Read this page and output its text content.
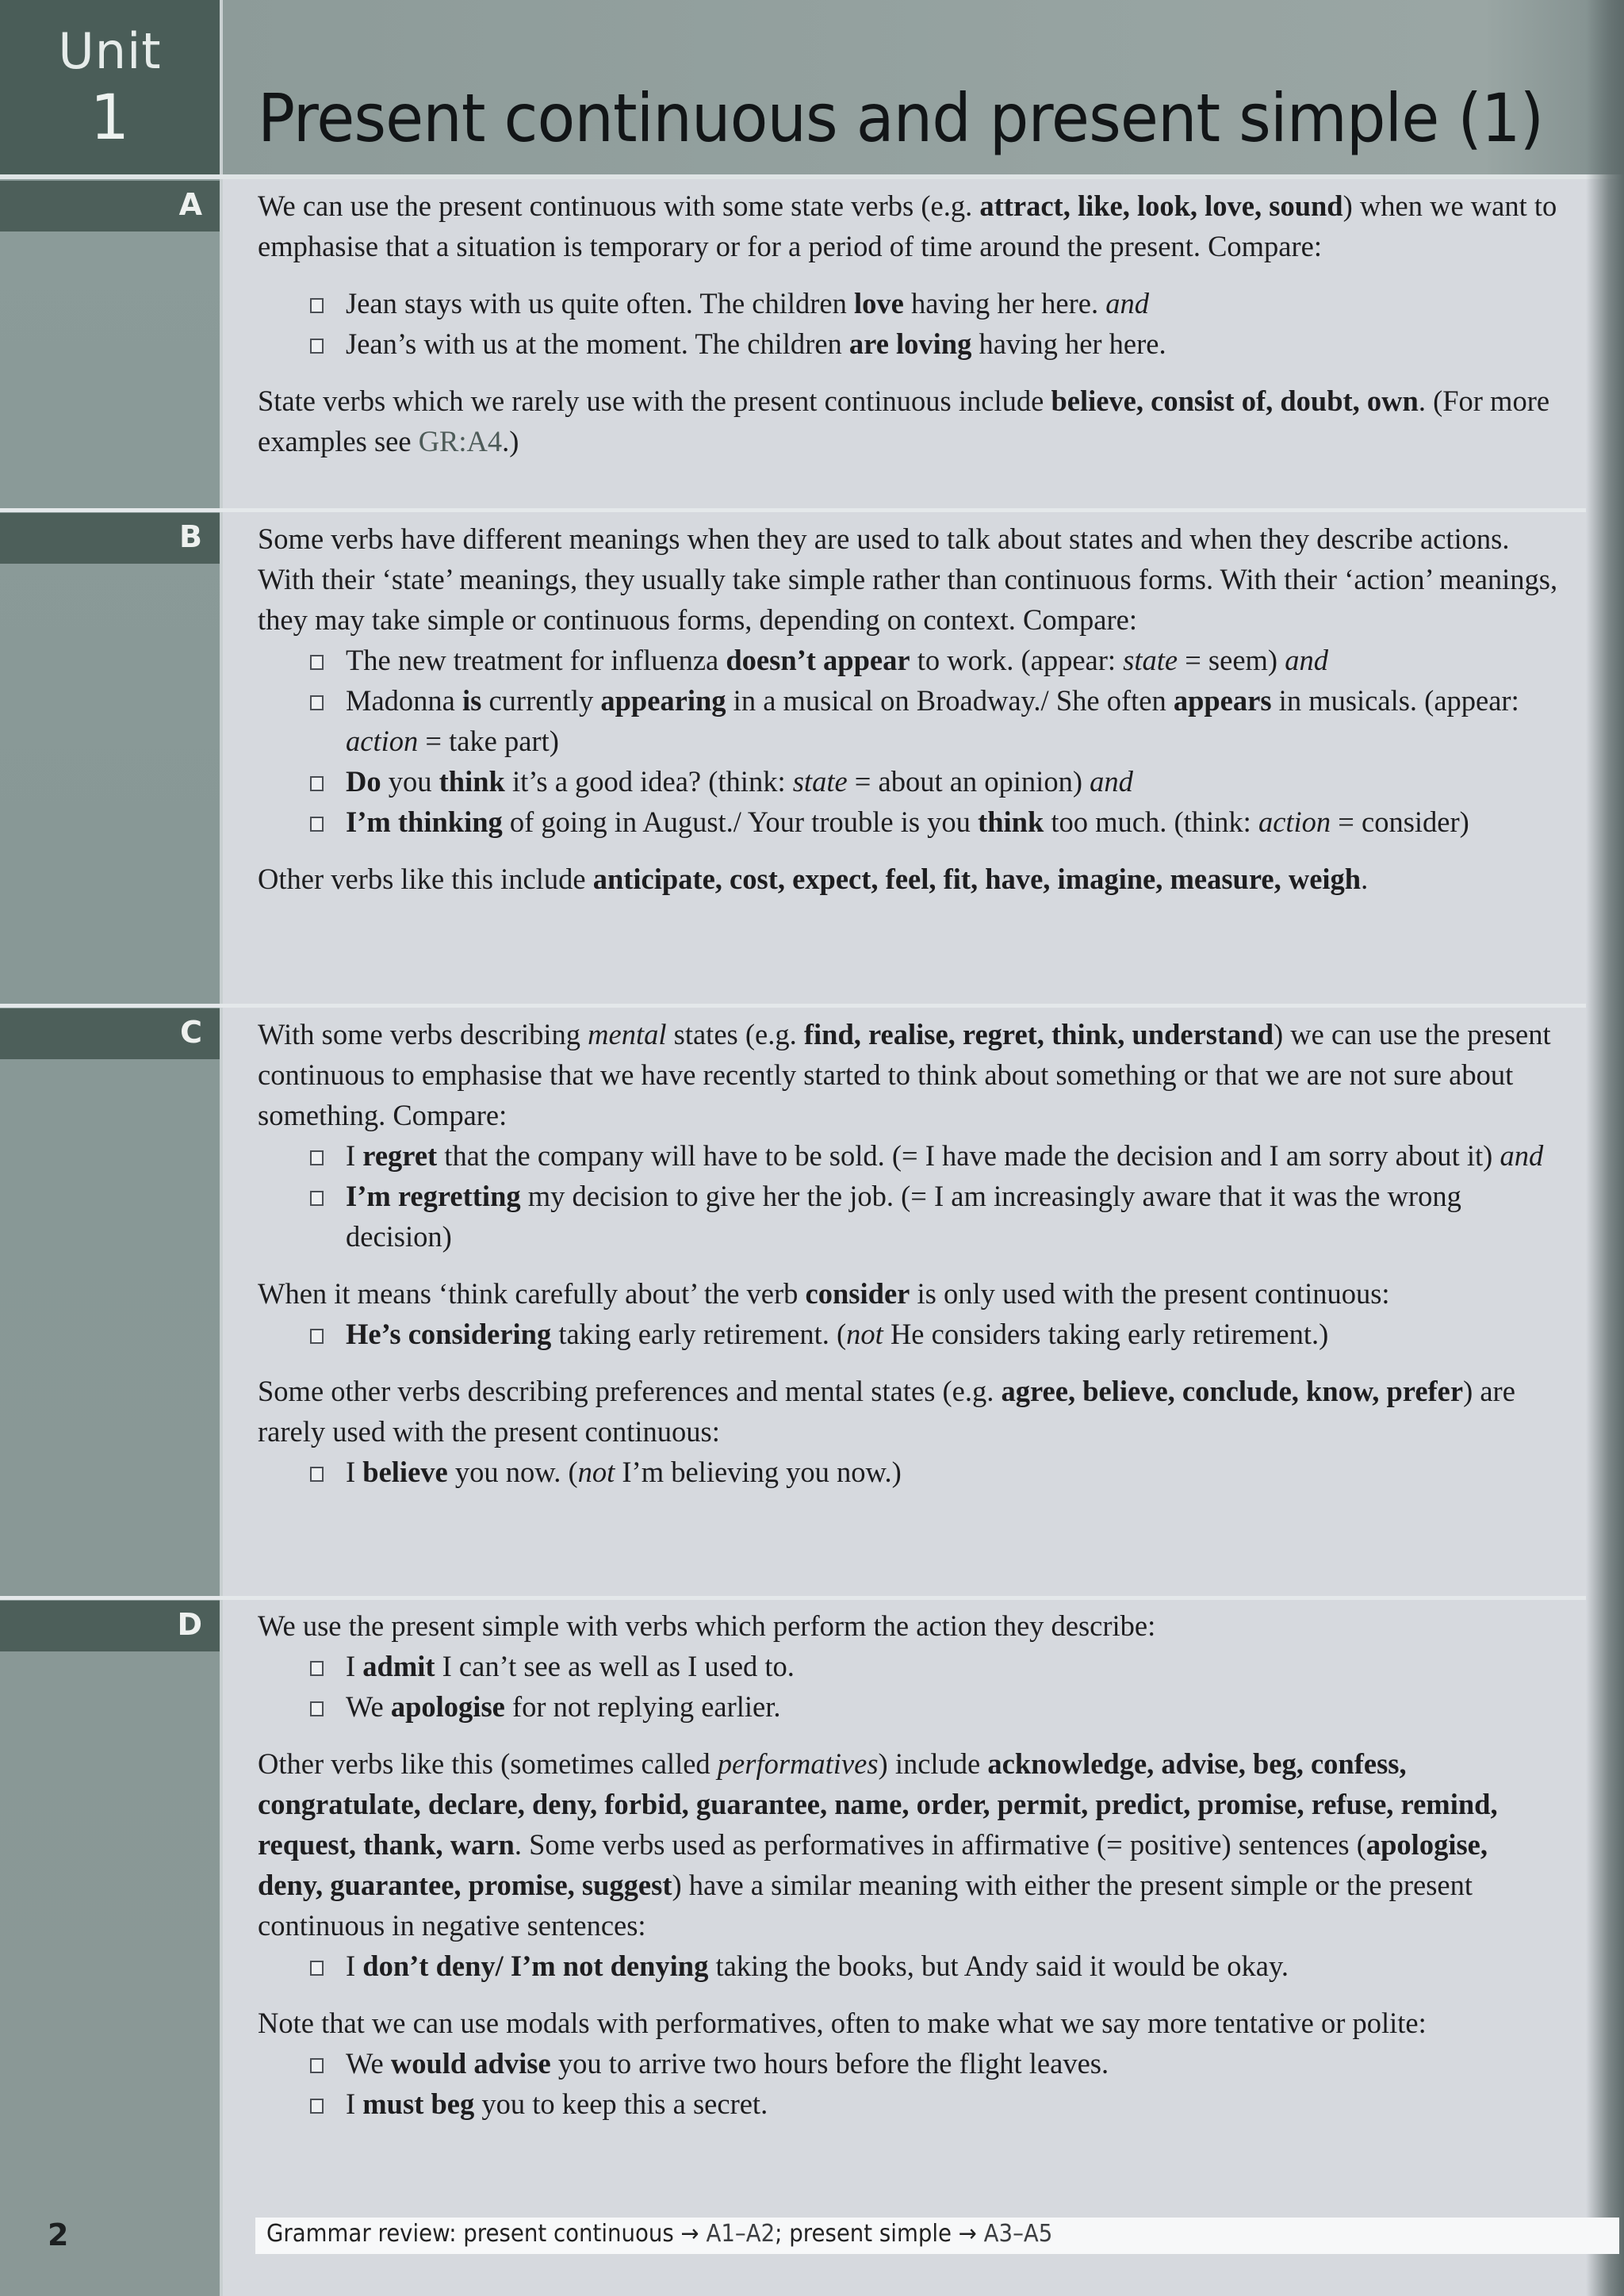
Unit
1	Present continuous and present simple (1)
A
B
C
D

We can use the present continuous with some state verbs (e.g. attract, like, look, love, sound) when we want to emphasise that a situation is temporary or for a period of time around the present. Compare:

Jean stays with us quite often. The children love having her here. and

Jean’s with us at the moment. The children are loving having her here.

State verbs which we rarely use with the present continuous include believe, consist of, doubt, own. (For more examples see GR:A4.)

Some verbs have different meanings when they are used to talk about states and when they describe actions. With their ‘state’ meanings, they usually take simple rather than continuous forms. With their ‘action’ meanings, they may take simple or continuous forms, depending on context. Compare:

The new treatment for influenza doesn’t appear to work. (appear: state = seem) and

Madonna is currently appearing in a musical on Broadway./ She often appears in musicals. (appear: action = take part)

Do you think it’s a good idea? (think: state = about an opinion) and

I’m thinking of going in August./ Your trouble is you think too much. (think: action = consider)

Other verbs like this include anticipate, cost, expect, feel, fit, have, imagine, measure, weigh.

With some verbs describing mental states (e.g. find, realise, regret, think, understand) we can use the present continuous to emphasise that we have recently started to think about something or that we are not sure about something. Compare:

I regret that the company will have to be sold. (= I have made the decision and I am sorry about it) and

I’m regretting my decision to give her the job. (= I am increasingly aware that it was the wrong decision)

When it means ‘think carefully about’ the verb consider is only used with the present continuous:

He’s considering taking early retirement. (not He considers taking early retirement.)

Some other verbs describing preferences and mental states (e.g. agree, believe, conclude, know, prefer) are rarely used with the present continuous:

I believe you now. (not I’m believing you now.)

We use the present simple with verbs which perform the action they describe:

I admit I can’t see as well as I used to.

We apologise for not replying earlier.

Other verbs like this (sometimes called performatives) include acknowledge, advise, beg, confess, congratulate, declare, deny, forbid, guarantee, name, order, permit, predict, promise, refuse, remind, request, thank, warn. Some verbs used as performatives in affirmative (= positive) sentences (apologise, deny, guarantee, promise, suggest) have a similar meaning with either the present simple or the present continuous in negative sentences:

I don’t deny/ I’m not denying taking the books, but Andy said it would be okay.

Note that we can use modals with performatives, often to make what we say more tentative or polite:

We would advise you to arrive two hours before the flight leaves.

I must beg you to keep this a secret.

2	Grammar review: present continuous → A1–A2; present simple → A3–A5
